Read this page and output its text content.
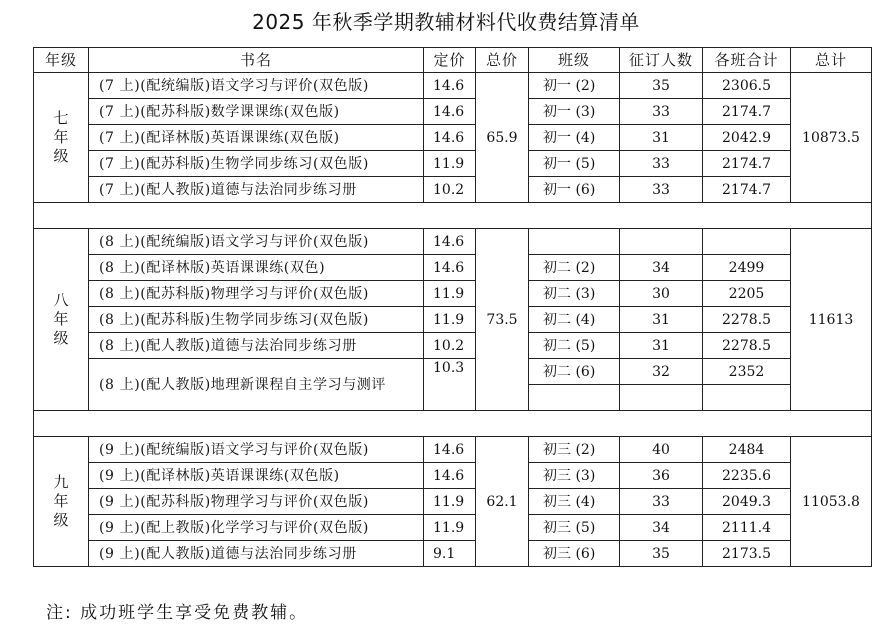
2025 年秋季学期教辅材料代收费结算清单
年级	书名	定价	总价	班级	征订人数	各班合计	总计

七年级	(7 上)(配统编版)语文学习与评价(双色版)	14.6	65.9	初一 (2)	35	2306.5	10873.5
	(7 上)(配苏科版)数学课课练(双色版)	14.6		初一 (3)	33	2174.7	
	(7 上)(配译林版)英语课课练(双色版)	14.6		初一 (4)	31	2042.9	
	(7 上)(配苏科版)生物学同步练习(双色版)	11.9		初一 (5)	33	2174.7	
	(7 上)(配人教版)道德与法治同步练习册	10.2		初一 (6)	33	2174.7	

八年级	(8 上)(配统编版)语文学习与评价(双色版)	14.6	73.5				11613
	(8 上)(配译林版)英语课课练(双色)	14.6		初二 (2)	34	2499	
	(8 上)(配苏科版)物理学习与评价(双色版)	11.9		初二 (3)	30	2205	
	(8 上)(配苏科版)生物学同步练习(双色版)	11.9		初二 (4)	31	2278.5	
	(8 上)(配人教版)道德与法治同步练习册	10.2		初二 (5)	31	2278.5	
	(8 上)(配人教版)地理新课程自主学习与测评	10.3		初二 (6)	32	2352	

九年级	(9 上)(配统编版)语文学习与评价(双色版)	14.6	62.1	初三 (2)	40	2484	11053.8
	(9 上)(配译林版)英语课课练(双色版)	14.6		初三 (3)	36	2235.6	
	(9 上)(配苏科版)物理学习与评价(双色版)	11.9		初三 (4)	33	2049.3	
	(9 上)(配上教版)化学学习与评价(双色版)	11.9		初三 (5)	34	2111.4	
	(9 上)(配人教版)道德与法治同步练习册	9.1		初三 (6)	35	2173.5	
注: 成功班学生享受免费教辅。
